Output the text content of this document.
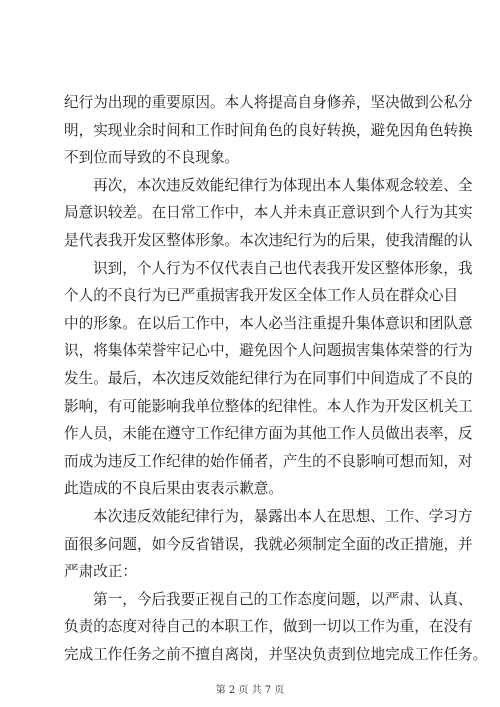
纪行为出现的重要原因。本人将提高自身修养，坚决做到公私分
明，实现业余时间和工作时间角色的良好转换，避免因角色转换
不到位而导致的不良现象。
再次，本次违反效能纪律行为体现出本人集体观念较差、全
局意识较差。在日常工作中，本人并未真正意识到个人行为其实
是代表我开发区整体形象。本次违纪行为的后果，使我清醒的认
识到，个人行为不仅代表自己也代表我开发区整体形象，我
个人的不良行为已严重损害我开发区全体工作人员在群众心目
中的形象。在以后工作中，本人必当注重提升集体意识和团队意
识，将集体荣誉牢记心中，避免因个人问题损害集体荣誉的行为
发生。最后，本次违反效能纪律行为在同事们中间造成了不良的
影响，有可能影响我单位整体的纪律性。本人作为开发区机关工
作人员，未能在遵守工作纪律方面为其他工作人员做出表率，反
而成为违反工作纪律的始作俑者，产生的不良影响可想而知，对
此造成的不良后果由衷表示歉意。
本次违反效能纪律行为，暴露出本人在思想、工作、学习方
面很多问题，如今反省错误，我就必须制定全面的改正措施，并
严肃改正：
第一，今后我要正视自己的工作态度问题，以严肃、认真、
负责的态度对待自己的本职工作，做到一切以工作为重，在没有
完成工作任务之前不擅自离岗，并坚决负责到位地完成工作任务。
第 2 页 共 7 页
